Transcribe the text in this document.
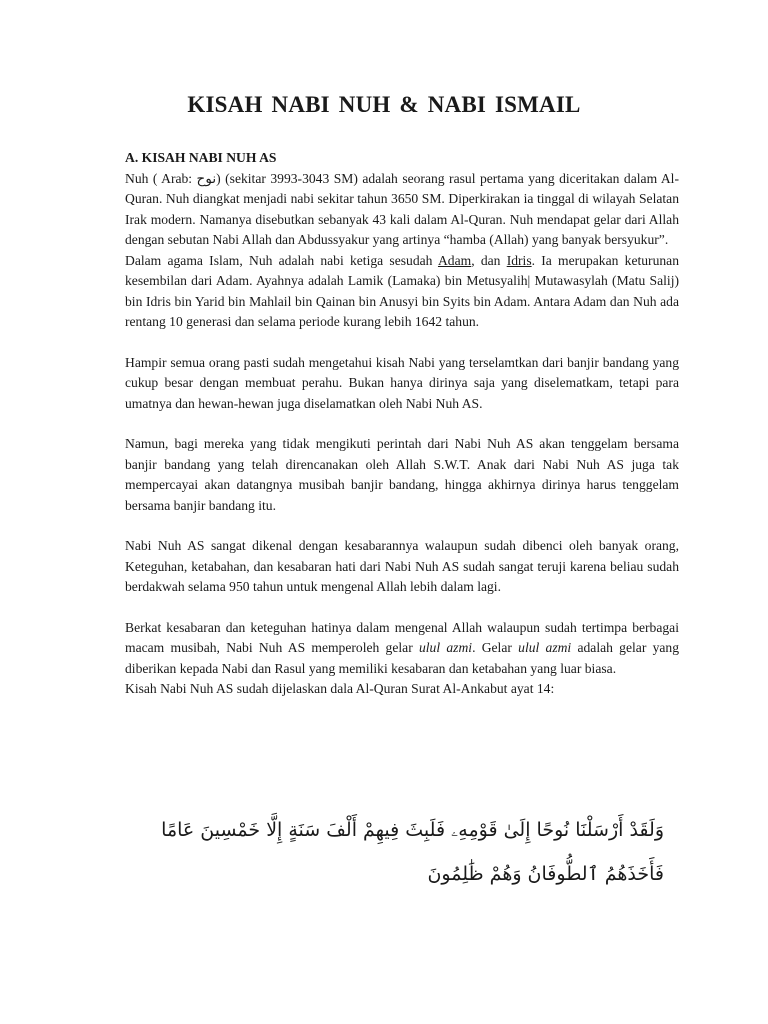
KISAH NABI NUH & NABI ISMAIL
A. KISAH NABI NUH AS

Nuh ( Arab: نوح) (sekitar 3993-3043 SM) adalah seorang rasul pertama yang diceritakan dalam Al-Quran. Nuh diangkat menjadi nabi sekitar tahun 3650 SM. Diperkirakan ia tinggal di wilayah Selatan Irak modern. Namanya disebutkan sebanyak 43 kali dalam Al-Quran. Nuh mendapat gelar dari Allah dengan sebutan Nabi Allah dan Abdussyakur yang artinya “hamba (Allah) yang banyak bersyukur”.

Dalam agama Islam, Nuh adalah nabi ketiga sesudah Adam, dan Idris. Ia merupakan keturunan kesembilan dari Adam. Ayahnya adalah Lamik (Lamaka) bin Metusyalih| Mutawasylah (Matu Salij) bin Idris bin Yarid bin Mahlail bin Qainan bin Anusyi bin Syits bin Adam. Antara Adam dan Nuh ada rentang 10 generasi dan selama periode kurang lebih 1642 tahun.

Hampir semua orang pasti sudah mengetahui kisah Nabi yang terselamtkan dari banjir bandang yang cukup besar dengan membuat perahu. Bukan hanya dirinya saja yang diselematkam, tetapi para umatnya dan hewan-hewan juga diselamatkan oleh Nabi Nuh AS.

Namun, bagi mereka yang tidak mengikuti perintah dari Nabi Nuh AS akan tenggelam bersama banjir bandang yang telah direncanakan oleh Allah S.W.T. Anak dari Nabi Nuh AS juga tak mempercayai akan datangnya musibah banjir bandang, hingga akhirnya dirinya harus tenggelam bersama banjir bandang itu.

Nabi Nuh AS sangat dikenal dengan kesabarannya walaupun sudah dibenci oleh banyak orang, Keteguhan, ketabahan, dan kesabaran hati dari Nabi Nuh AS sudah sangat teruji karena beliau sudah berdakwah selama 950 tahun untuk mengenal Allah lebih dalam lagi.

Berkat kesabaran dan keteguhan hatinya dalam mengenal Allah walaupun sudah tertimpa berbagai macam musibah, Nabi Nuh AS memperoleh gelar ulul azmi. Gelar ulul azmi adalah gelar yang diberikan kepada Nabi dan Rasul yang memiliki kesabaran dan ketabahan yang luar biasa.

Kisah Nabi Nuh AS sudah dijelaskan dala Al-Quran Surat Al-Ankabut ayat 14:

وَلَقَدْ أَرْسَلْنَا نُوحًا إِلَىٰ قَوْمِهِۦ فَلَبِثَ فِيهِمْ أَلْفَ سَنَةٍ إِلَّا خَمْسِينَ عَامًا فَأَخَذَهُمُ ٱلطُّوفَانُ وَهُمْ ظَٰلِمُونَ
